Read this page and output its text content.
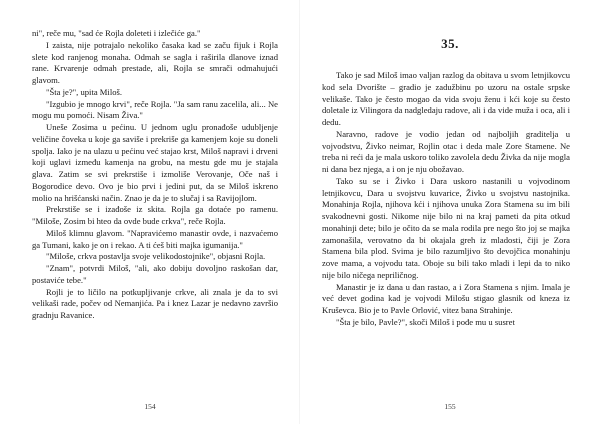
ni", reče mu, "sad će Rojla doleteti i izlečiće ga."

I zaista, nije potrajalo nekoliko časaka kad se začu fijuk i Rojla slete kod ranjenog monaha. Odmah se sagla i raširila dlanove iznad rane. Krvarenje odmah prestade, ali, Rojla se smrači odmahujući glavom.

"Šta je?", upita Miloš.

"Izgubio je mnogo krvi", reče Rojla. "Ja sam ranu zacelila, ali... Ne mogu mu pomoći. Nisam Živa."

Uneše Zosima u pećinu. U jednom uglu pronađoše udubljenje veličine čoveka u koje ga saviše i prekriše ga kamenjem koje su doneli spolja. Iako je na ulazu u pećinu već stajao krst, Miloš napravi i drveni koji uglavi između kamenja na grobu, na mestu gde mu je stajala glava. Zatim se svi prekrstiše i izmoliše Verovanje, Oče naš i Bogorodice devo. Ovo je bio prvi i jedini put, da se Miloš iskreno molio na hrišćanski način. Znao je da je to slučaj i sa Ravijojlom.

Prekrstiše se i izađoše iz skita. Rojla ga dotaće po ramenu. "Miloše, Zosim bi hteo da ovde bude crkva", reče Rojla.

Miloš klimnu glavom. "Napravićemo manastir ovde, i nazvaćemo ga Tumani, kako je on i rekao. A ti ćeš biti majka igumanija."

"Miloše, crkva postavlja svoje velikodostojnike", objasni Rojla.

"Znam", potvrdi Miloš, "ali, ako dobiju dovoljno raskošan dar, postaviće tebe."

Rojli je to ličilo na potkupljivanje crkve, ali znala je da to svi velikaši rade, počev od Nemanjića. Pa i knez Lazar je nedavno završio gradnju Ravanice.

154
35.

Tako je sad Miloš imao valjan razlog da obitava u svom letnjikovcu kod sela Dvorište – gradio je zadužbinu po uzoru na ostale srpske velikaše. Tako je često mogao da vida svoju ženu i kći koje su često doletale iz Vilingora da nadgledaju radove, ali i da vide muža i oca, ali i dedu.

Naravno, radove je vodio jedan od najboljih graditelja u vojvodstvu, Živko neimar, Rojlin otac i deda male Zore Stamene. Ne treba ni reći da je mala uskoro toliko zavolela dedu Živka da nije mogla ni dana bez njega, a i on je nju obožavao.

Tako su se i Živko i Dara uskoro nastanili u vojvodinom letnjikovcu, Dara u svojstvu kuvarice, Živko u svojstvu nastojnika. Monahinja Rojla, njihova kći i njihova unuka Zora Stamena su im bili svakodnevni gosti. Nikome nije bilo ni na kraj pameti da pita otkud monahinji dete; bilo je očito da se mala rodila pre nego što joj se majka zamonašila, verovatno da bi okajala greh iz mladosti, čiji je Zora Stamena bila plod. Svima je bilo razumljivo što devojčica monahinju zove mama, a vojvodu tata. Oboje su bili tako mladi i lepi da to niko nije bilo ničega nepriličnog.

Manastir je iz dana u dan rastao, a i Zora Stamena s njim. Imala je već devet godina kad je vojvodi Milošu stigao glasnik od kneza iz Kruševca. Bio je to Pavle Orlović, vitez bana Strahinje.

"Šta je bilo, Pavle?", skoči Miloš i pođe mu u susret

155
